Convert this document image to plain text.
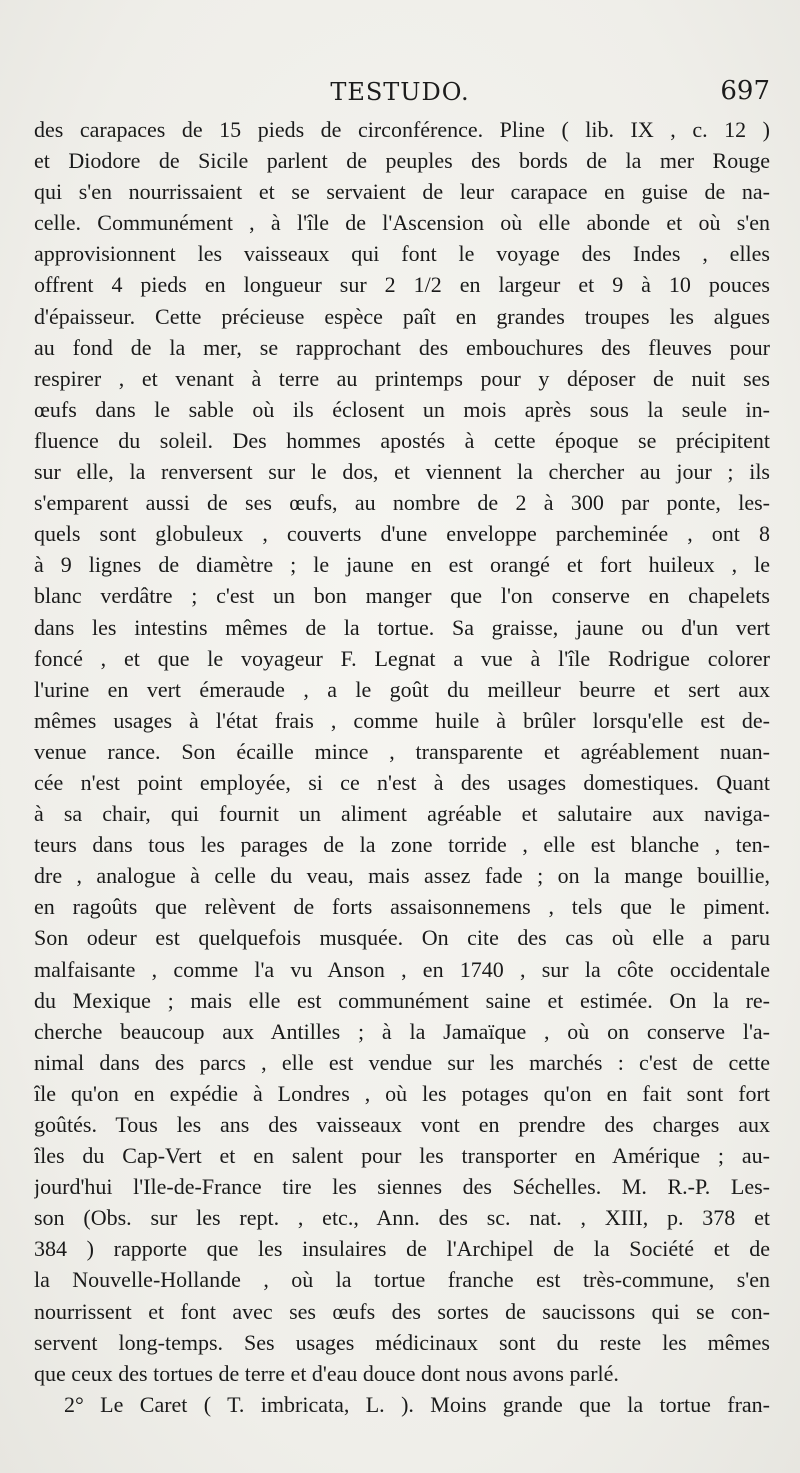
TESTUDO.	697
des carapaces de 15 pieds de circonférence. Pline ( lib. IX , c. 12 )
et Diodore de Sicile parlent de peuples des bords de la mer Rouge
qui s'en nourrissaient et se servaient de leur carapace en guise de na-
celle. Communément , à l'île de l'Ascension où elle abonde et où s'en
approvisionnent les vaisseaux qui font le voyage des Indes , elles
offrent 4 pieds en longueur sur 2 1/2 en largeur et 9 à 10 pouces
d'épaisseur. Cette précieuse espèce paît en grandes troupes les algues
au fond de la mer, se rapprochant des embouchures des fleuves pour
respirer , et venant à terre au printemps pour y déposer de nuit ses
œufs dans le sable où ils éclosent un mois après sous la seule in-
fluence du soleil. Des hommes apostés à cette époque se précipitent
sur elle, la renversent sur le dos, et viennent la chercher au jour ; ils
s'emparent aussi de ses œufs, au nombre de 2 à 300 par ponte, les-
quels sont globuleux , couverts d'une enveloppe parcheminée , ont 8
à 9 lignes de diamètre ; le jaune en est orangé et fort huileux , le
blanc verdâtre ; c'est un bon manger que l'on conserve en chapelets
dans les intestins mêmes de la tortue. Sa graisse, jaune ou d'un vert
foncé , et que le voyageur F. Legnat a vue à l'île Rodrigue colorer
l'urine en vert émeraude , a le goût du meilleur beurre et sert aux
mêmes usages à l'état frais , comme huile à brûler lorsqu'elle est de-
venue rance. Son écaille mince , transparente et agréablement nuan-
cée n'est point employée, si ce n'est à des usages domestiques. Quant
à sa chair, qui fournit un aliment agréable et salutaire aux naviga-
teurs dans tous les parages de la zone torride , elle est blanche , ten-
dre , analogue à celle du veau, mais assez fade ; on la mange bouillie,
en ragoûts que relèvent de forts assaisonnemens , tels que le piment.
Son odeur est quelquefois musquée. On cite des cas où elle a paru
malfaisante , comme l'a vu Anson , en 1740 , sur la côte occidentale
du Mexique ; mais elle est communément saine et estimée. On la re-
cherche beaucoup aux Antilles ; à la Jamaïque , où on conserve l'a-
nimal dans des parcs , elle est vendue sur les marchés : c'est de cette
île qu'on en expédie à Londres , où les potages qu'on en fait sont fort
goûtés. Tous les ans des vaisseaux vont en prendre des charges aux
îles du Cap-Vert et en salent pour les transporter en Amérique ; au-
jourd'hui l'Ile-de-France tire les siennes des Séchelles. M. R.-P. Les-
son (Obs. sur les rept. , etc., Ann. des sc. nat. , XIII, p. 378 et
384 ) rapporte que les insulaires de l'Archipel de la Société et de
la Nouvelle-Hollande , où la tortue franche est très-commune, s'en
nourrissent et font avec ses œufs des sortes de saucissons qui se con-
servent long-temps. Ses usages médicinaux sont du reste les mêmes
que ceux des tortues de terre et d'eau douce dont nous avons parlé.
2° Le Caret ( T. imbricata, L. ). Moins grande que la tortue fran-
